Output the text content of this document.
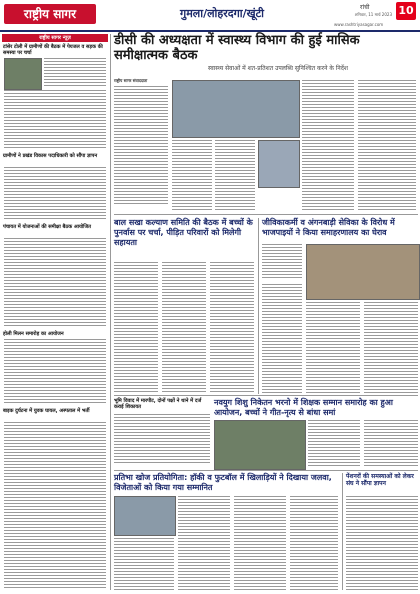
राष्ट्रीय सागर	गुमला/लोहरदगा/खूंटी	रांची
शनिवार, 11 मार्च 2023 10
www.rashtriyasagar.com
राष्ट्रीय सागर न्यूज़
टांसेर टोली में ग्रामीणों की बैठक में पेयजल व सड़क की समस्या पर चर्चा
ग्रामीणों ने प्रखंड विकास पदाधिकारी को सौंपा ज्ञापन
पंचायत में योजनाओं की समीक्षा बैठक आयोजित
होली मिलन समारोह का आयोजन
बाइक दुर्घटना में युवक घायल, अस्पताल में भर्ती
डीसी की अध्यक्षता में स्वास्थ्य विभाग की हुई मासिक समीक्षात्मक बैठक
स्वास्थ्य सेवाओं में शत-प्रतिशत उपलब्धि सुनिश्चित करने के निर्देश
राष्ट्रीय सागर संवाददाता
बाल सखा कल्याण समिति की बैठक में बच्चों के पुनर्वास पर चर्चा, पीड़ित परिवारों को मिलेगी सहायता
जीविकाकर्मी व अंगनबाड़ी सेविका के विरोध में भाजपाइयों ने किया समाहरणालय का घेराव
भूमि विवाद में मारपीट, दोनों पक्षों ने थाने में दर्ज कराई शिकायत	नवयुग शिशु निकेतन भरनो में शिक्षक सम्मान समारोह का हुआ आयोजन, बच्चों ने गीत-नृत्य से बांधा समां
प्रतिभा खोज प्रतियोगिता: हॉकी व फुटबॉल में खिलाड़ियों ने दिखाया जलवा, विजेताओं को किया गया सम्मानित
पेंशनरों की समस्याओं को लेकर संघ ने सौंपा ज्ञापन
